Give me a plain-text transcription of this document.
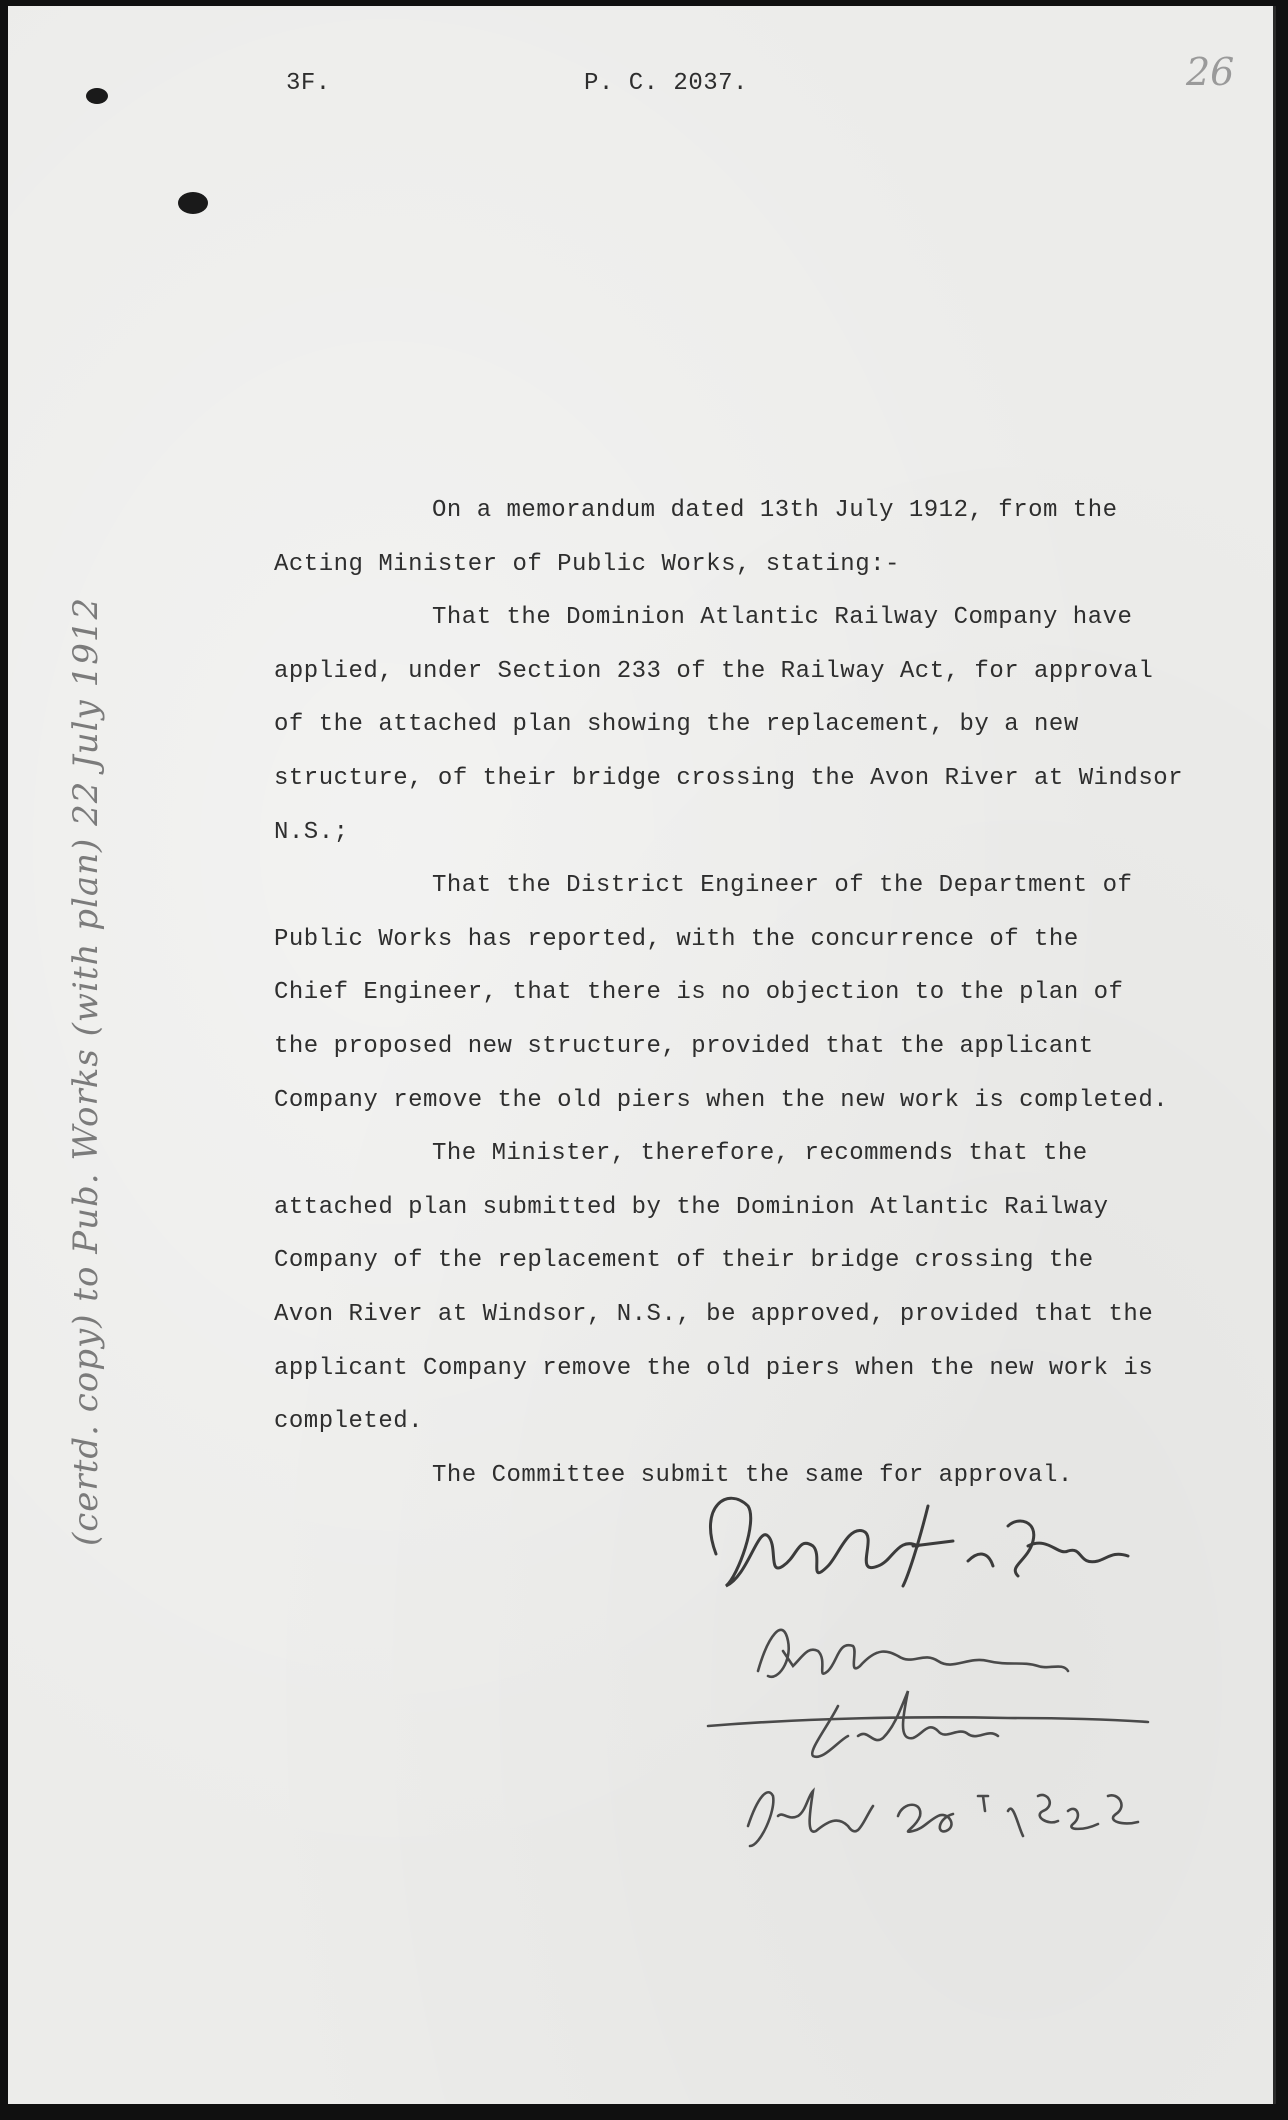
3F.	P. C. 2037.	26
(certd. copy) to Pub. Works (with plan) 22 July 1912

On a memorandum dated 13th July 1912, from the

Acting Minister of Public Works, stating:-

That the Dominion Atlantic Railway Company have

applied, under Section 233 of the Railway Act, for approval

of the attached plan showing the replacement, by a new

structure, of their bridge crossing the Avon River at Windsor

N.S.;

That the District Engineer of the Department of

Public Works has reported, with the concurrence of the

Chief Engineer, that there is no objection to the plan of

the proposed new structure, provided that the applicant

Company remove the old piers when the new work is completed.

The Minister, therefore, recommends that the

attached plan submitted by the Dominion Atlantic Railway

Company of the replacement of their bridge crossing the

Avon River at Windsor, N.S., be approved, provided that the

applicant Company remove the old piers when the new work is

completed.

The Committee submit the same for approval.
